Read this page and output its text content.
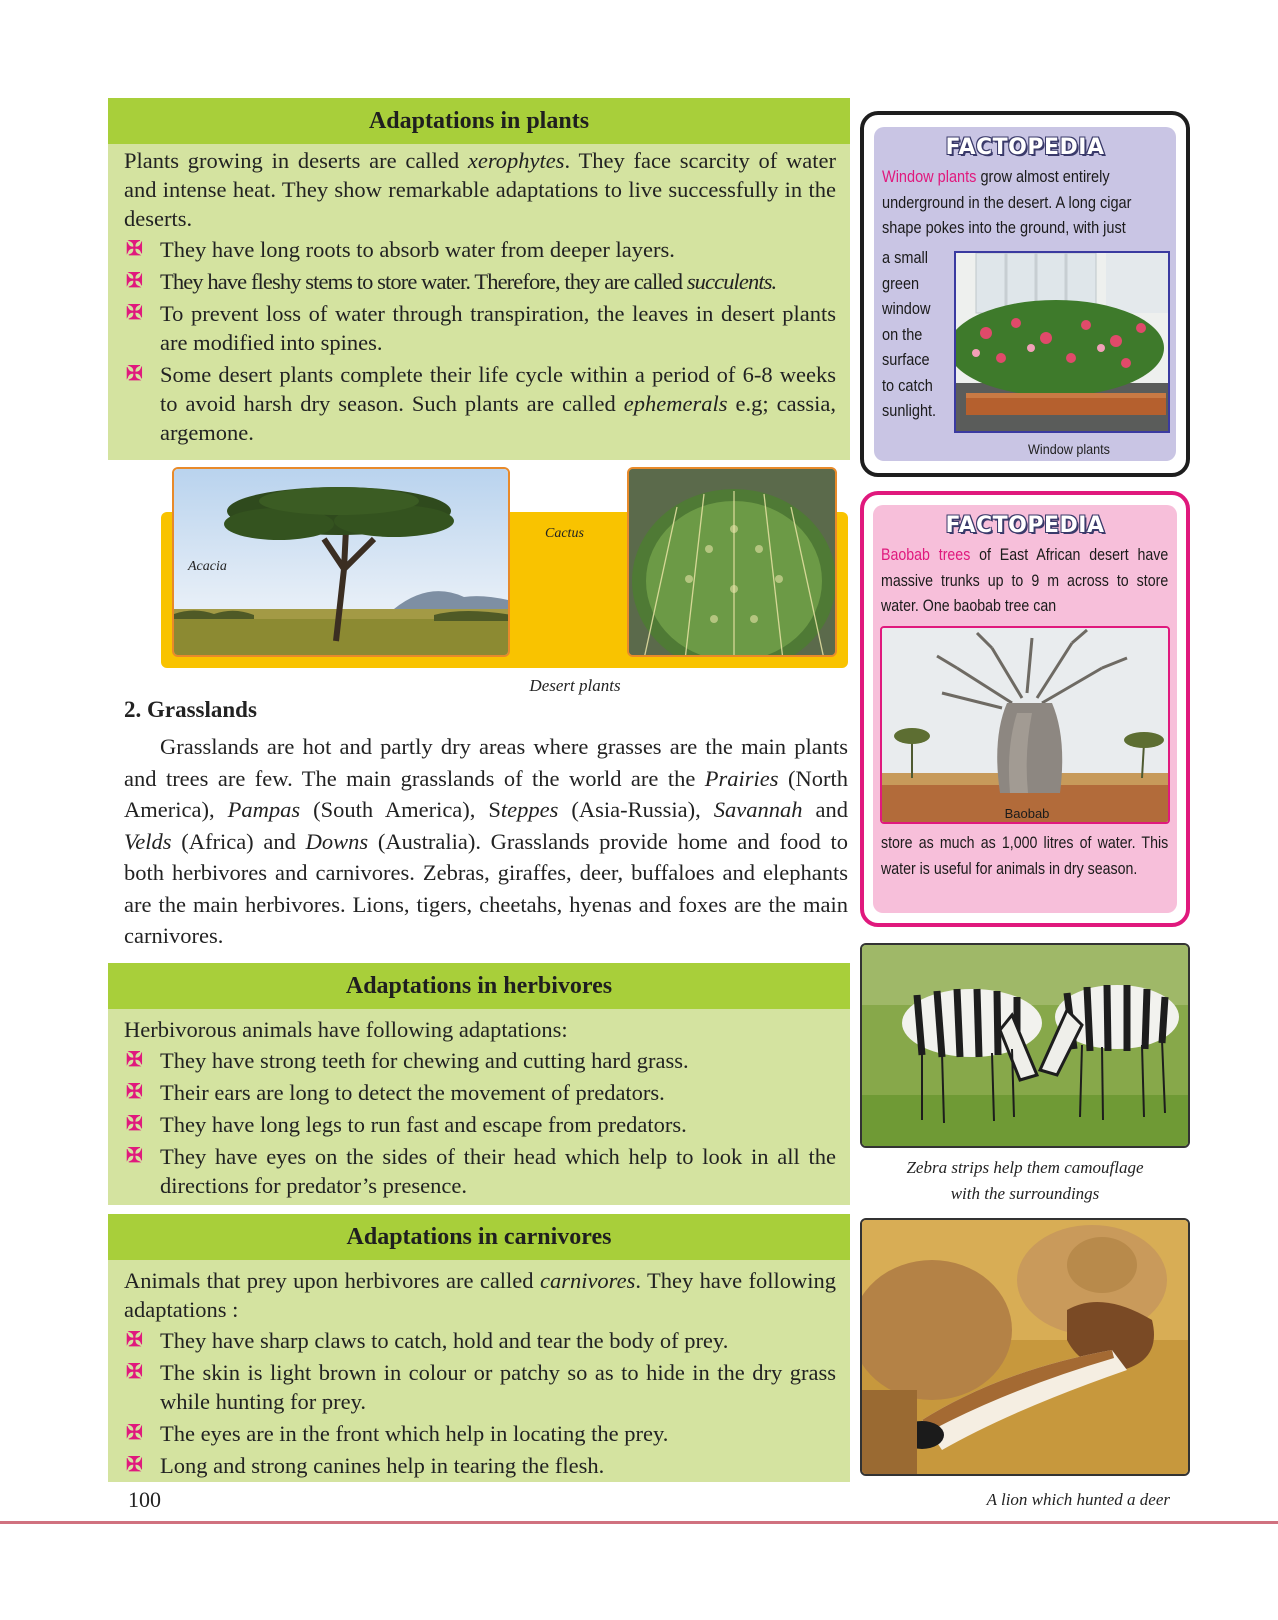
Adaptations in plants

Plants growing in deserts are called xerophytes. They face scarcity of water and intense heat. They show remarkable adaptations to live successfully in the deserts.

✠ They have long roots to absorb water from deeper layers.
✠ They have fleshy stems to store water. Therefore, they are called succulents.
✠ To prevent loss of water through transpiration, the leaves in desert plants are modified into spines.
✠ Some desert plants complete their life cycle within a period of 6-8 weeks to avoid harsh dry season. Such plants are called ephemerals e.g; cassia, argemone.
Acacia
Cactus
Desert plants
2. Grasslands
Grasslands are hot and partly dry areas where grasses are the main plants and trees are few. The main grasslands of the world are the Prairies (North America), Pampas (South America), Steppes (Asia-Russia), Savannah and Velds (Africa) and Downs (Australia). Grasslands provide home and food to both herbivores and carnivores. Zebras, giraffes, deer, buffaloes and elephants are the main herbivores. Lions, tigers, cheetahs, hyenas and foxes are the main carnivores.
Adaptations in herbivores

Herbivorous animals have following adaptations:

✠ They have strong teeth for chewing and cutting hard grass.
✠ Their ears are long to detect the movement of predators.
✠ They have long legs to run fast and escape from predators.
✠ They have eyes on the sides of their head which help to look in all the directions for predator’s presence.
Adaptations in carnivores

Animals that prey upon herbivores are called carnivores. They have following adaptations :

✠ They have sharp claws to catch, hold and tear the body of prey.
✠ The skin is light brown in colour or patchy so as to hide in the dry grass while hunting for prey.
✠ The eyes are in the front which help in locating the prey.
✠ Long and strong canines help in tearing the flesh.
100
FACTOPEDIA
Window plants grow almost entirely underground in the desert. A long cigar shape pokes into the ground, with just
a small
green
window
on the
surface
to catch
sunlight.
Window plants
FACTOPEDIA
Baobab trees of East African desert have massive trunks up to 9 m across to store water. One baobab tree can
Baobab
store as much as 1,000 litres of water. This water is useful for animals in dry season.
Zebra strips help them camouflage
with the surroundings
A lion which hunted a deer
